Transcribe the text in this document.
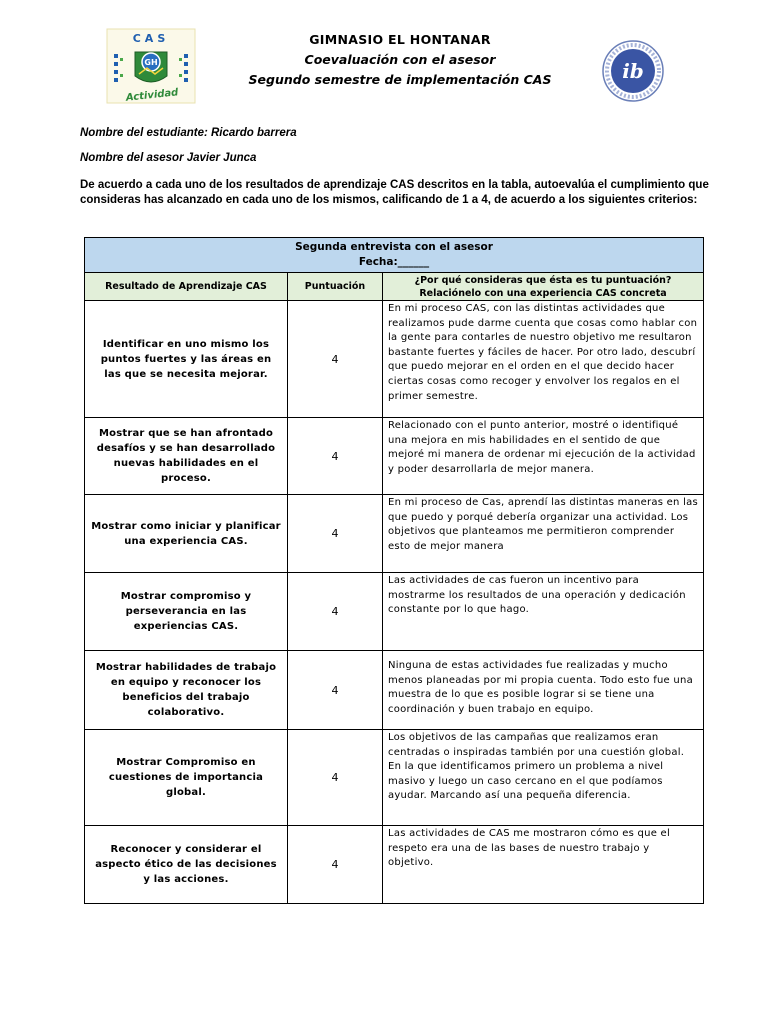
CAS
GH
Actividad
ib
GIMNASIO EL HONTANAR
Coevaluación con el asesor
Segundo semestre de implementación CAS
Nombre del estudiante: Ricardo barrera
Nombre del asesor Javier Junca
De acuerdo a cada uno de los resultados de aprendizaje CAS descritos en la tabla, autoevalúa el cumplimiento que consideras has alcanzado en cada uno de los mismos, calificando de 1 a 4, de acuerdo a los siguientes criterios:
Segunda entrevista con el asesor
Fecha:______		

Resultado de Aprendizaje CAS	Puntuación	¿Por qué consideras que ésta es tu puntuación?
Relaciónelo con una experiencia CAS concreta

Identificar en uno mismo los puntos fuertes y las áreas en las que se necesita mejorar.	4	En mi proceso CAS, con las distintas actividades que realizamos pude darme cuenta que cosas como hablar con la gente para contarles de nuestro objetivo me resultaron bastante fuertes y fáciles de hacer. Por otro lado, descubrí que puedo mejorar en el orden en el que decido hacer ciertas cosas como recoger y envolver los regalos en el primer semestre.
Mostrar que se han afrontado desafíos y se han desarrollado nuevas habilidades en el proceso.	4	Relacionado con el punto anterior, mostré o identifiqué una mejora en mis habilidades en el sentido de que mejoré mi manera de ordenar mi ejecución de la actividad y poder desarrollarla de mejor manera.
Mostrar como iniciar y planificar una experiencia CAS.	4	En mi proceso de Cas, aprendí las distintas maneras en las que puedo y porqué debería organizar una actividad. Los objetivos que planteamos me permitieron comprender esto de mejor manera
Mostrar compromiso y perseverancia en las experiencias CAS.	4	Las actividades de cas fueron un incentivo para mostrarme los resultados de una operación y dedicación constante por lo que hago.
Mostrar habilidades de trabajo en equipo y reconocer los beneficios del trabajo colaborativo.	4	Ninguna de estas actividades fue realizadas y mucho menos planeadas por mi propia cuenta. Todo esto fue una muestra de lo que es posible lograr si se tiene una coordinación y buen trabajo en equipo.
Mostrar Compromiso en cuestiones de importancia global.	4	Los objetivos de las campañas que realizamos eran centradas o inspiradas también por una cuestión global. En la que identificamos primero un problema a nivel masivo y luego un caso cercano en el que podíamos ayudar. Marcando así una pequeña diferencia.
Reconocer y considerar el aspecto ético de las decisiones y las acciones.	4	Las actividades de CAS me mostraron cómo es que el respeto era una de las bases de nuestro trabajo y objetivo.
